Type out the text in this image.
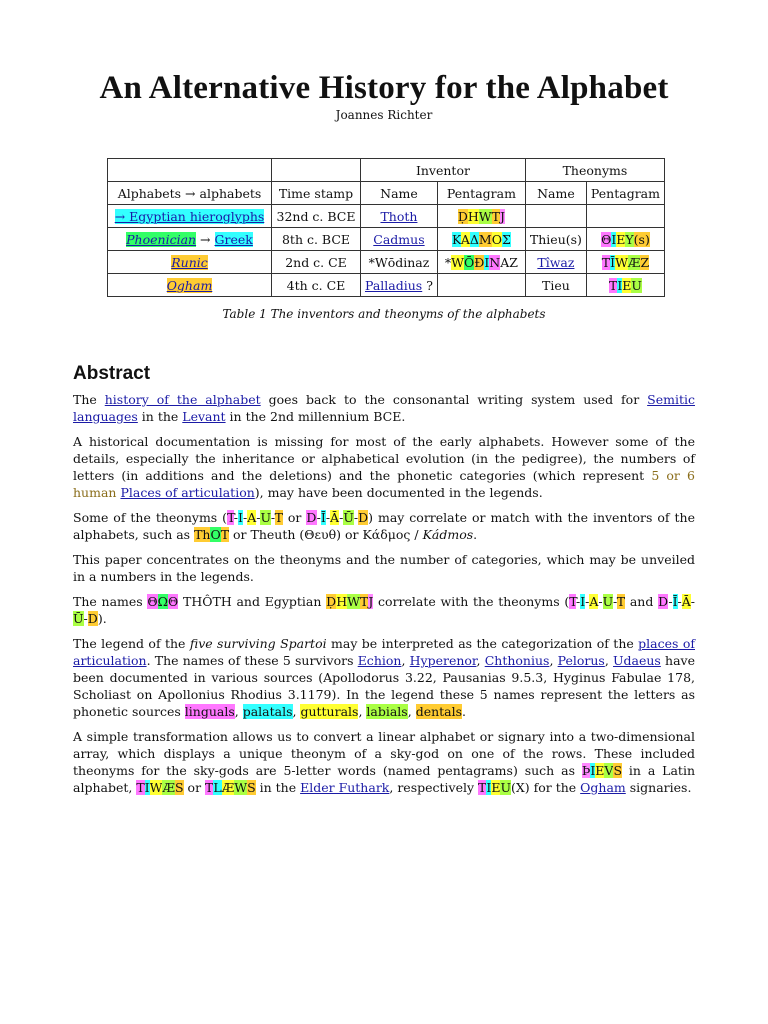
An Alternative History for the Alphabet
Joannes Richter
		Inventor		Theonyms	
Alphabets → alphabets	Time stamp	Name	Pentagram	Name	Pentagram
→ Egyptian hieroglyphs	32nd c. BCE	Thoth	ḌHWTJ		
Phoenician → Greek	8th c. BCE	Cadmus	KAΔMOΣ	Thieu(s)	ΘIEY(s)
Runic	2nd c. CE	*Wōdinaz	*WŌÐINAZ	Tîwaz	TĪWÆZ
Ogham	4th c. CE	Palladius ?		Tieu	TIEU
Table 1 The inventors and theonyms of the alphabets
Abstract

The history of the alphabet goes back to the consonantal writing system used for Semitic languages in the Levant in the 2nd millennium BCE.

A historical documentation is missing for most of the early alphabets. However some of the details, especially the inheritance or alphabetical evolution (in the pedigree), the numbers of letters (in additions and the deletions) and the phonetic categories (which represent 5 or 6 human Places of articulation), may have been documented in the legends.

Some of the theonyms (T-I-A-U-T or D-Ī-Ā-Ū-D) may correlate or match with the inventors of the alphabets, such as ThOT or Theuth (Θευθ) or Κάδμος / Kádmos.

This paper concentrates on the theonyms and the number of categories, which may be unveiled in a numbers in the legends.

The names ΘΩΘ THÔTH and Egyptian ḌHWTJ correlate with the theonyms (T-I-A-U-T and D-Ī-Ā-Ū-D).

The legend of the five surviving Spartoi may be interpreted as the categorization of the places of articulation. The names of these 5 survivors Echion, Hyperenor, Chthonius, Pelorus, Udaeus have been documented in various sources (Apollodorus 3.22, Pausanias 9.5.3, Hyginus Fabulae 178, Scholiast on Apollonius Rhodius 3.1179). In the legend these 5 names represent the letters as phonetic sources linguals, palatals, gutturals, labials, dentals.

A simple transformation allows us to convert a linear alphabet or signary into a two-dimensional array, which displays a unique theonym of a sky-god on one of the rows. These included theonyms for the sky-gods are 5-letter words (named pentagrams) such as ÞIEVS in a Latin alphabet, TIWÆS or TLÆWS in the Elder Futhark, respectively TIEU(X) for the Ogham signaries.
